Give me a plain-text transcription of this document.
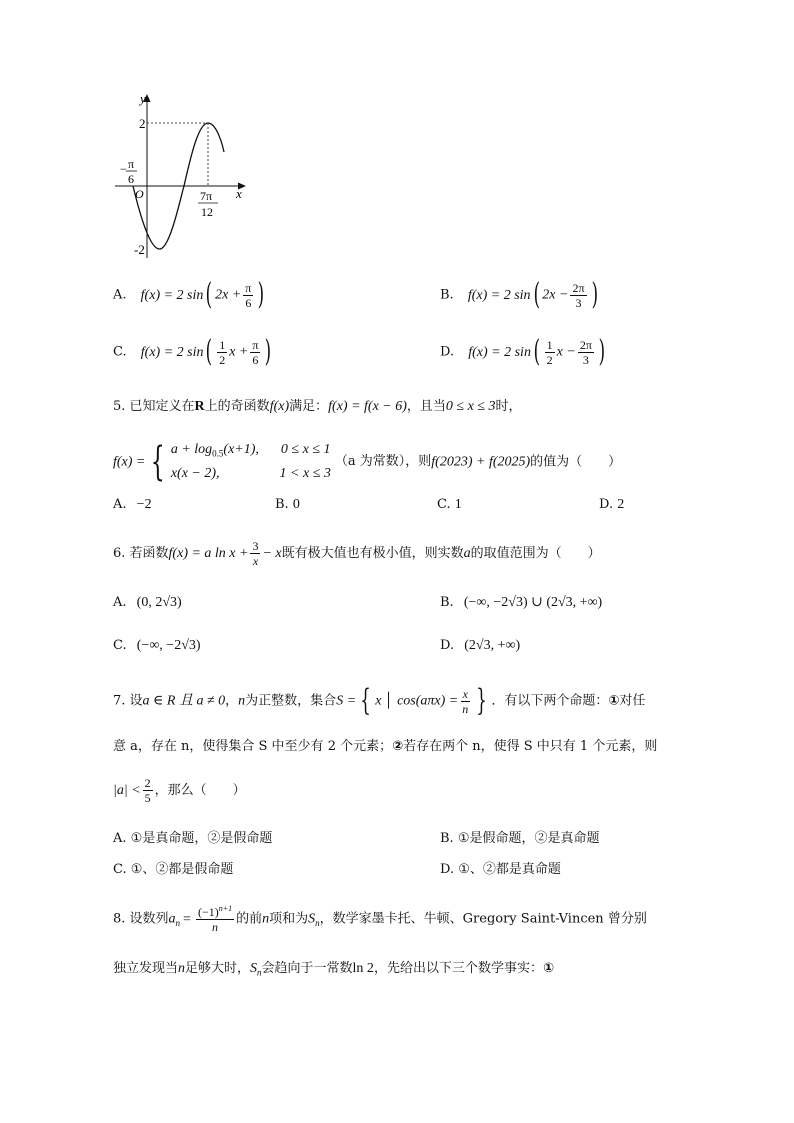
y
x
O
2
-2
− π
6
7π
12
A. f(x) = 2 sin( $2x + \frac{\pi}{6}$ )	B. f(x) = 2 sin( $2x - \frac{2\pi}{3}$ )
C. f(x) = 2 $\sin( \frac{1}{2}$ $x + \frac{\pi}{6}$ )	D. f(x) = 2 $\sin( \frac{1}{2}$ $x - \frac{2\pi}{3}$ )
5. 已知定义在R上的奇函数f(x)满足：f(x) = f(x − 6)，且当0 ≤ x ≤ 3时，
f(x) = { $a + \log_{0.5}(x+1)$, 0 ≤ x ≤ 1
x(x − 2),	1 < x ≤ 3
（a 为常数），则f(2023) + f(2025)的值为（　　）
A. −2	B. 0	C. 1	D. 2
6. 若函数f(x) = a $\ln x + \frac{3}{x} - x$既有极大值也有极小值，则实数a的取值范围为（　　）
A. (0, 2√3)	B. (−∞, −2√3) ∪ (2√3, +∞)
C. (−∞, −2√3)	D. (2√3, +∞)
7. 设a ∈ R 且 a ≠ 0，n为正整数，集合S = { x │ $\cos(a\pi x) = \frac{x}{n}$ } ．有以下两个命题：①对任
意 a，存在 n，使得集合 S 中至少有 2 个元素；②若存在两个 n，使得 S 中只有 1 个元素，则
$|a| < \frac{2}{5}$ ，那么（　　）
A. ①是真命题，②是假命题	B. ①是假命题，②是真命题
C. ①、②都是假命题	D. ①、②都是真命题
8. 设数列$a_n = \frac{(-1)^{n+1}}{n}$ 的前n项和为$S_n$，数学家墨卡托、牛顿、Gregory Saint-Vincen 曾分别
独立发现当n足够大时，$S_n$会趋向于一常数ln 2，先给出以下三个数学事实：①
